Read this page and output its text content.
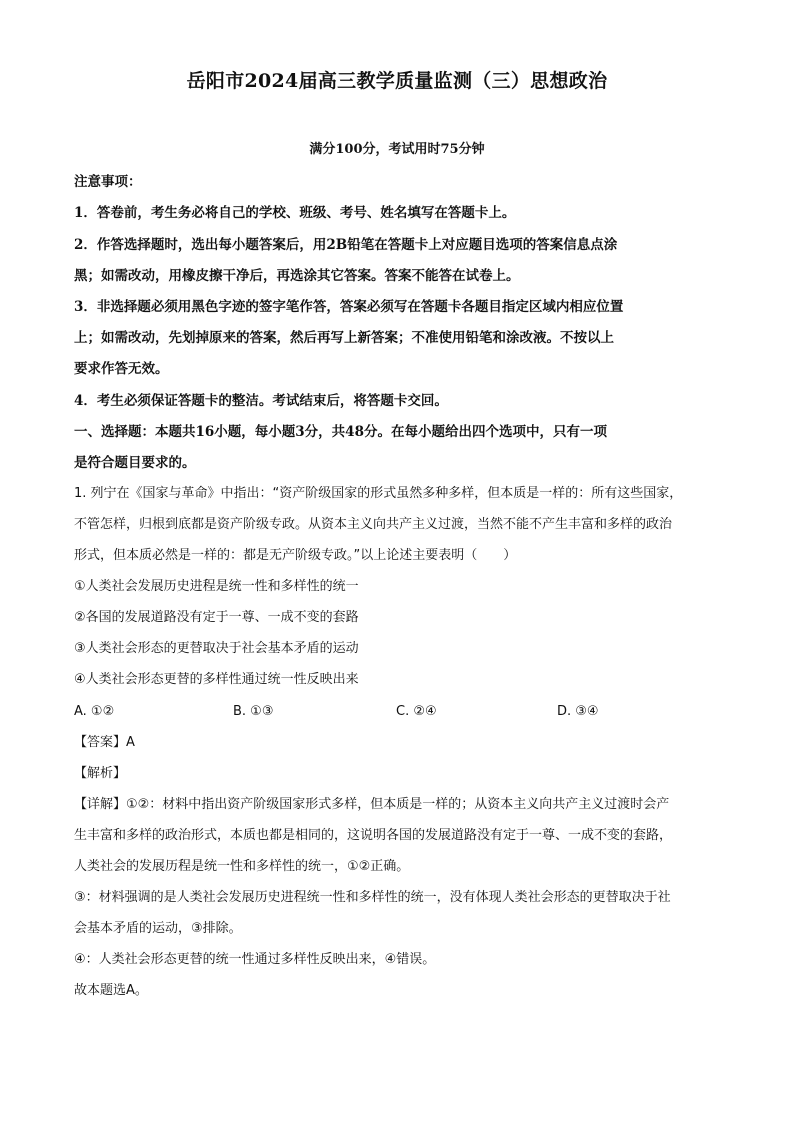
岳阳市2024届高三教学质量监测（三）思想政治
满分100分，考试用时75分钟
注意事项：
1．答卷前，考生务必将自己的学校、班级、考号、姓名填写在答题卡上。
2．作答选择题时，选出每小题答案后，用2B铅笔在答题卡上对应题目选项的答案信息点涂
黑；如需改动，用橡皮擦干净后，再选涂其它答案。答案不能答在试卷上。
3．非选择题必须用黑色字迹的签字笔作答，答案必须写在答题卡各题目指定区域内相应位置
上；如需改动，先划掉原来的答案，然后再写上新答案；不准使用铅笔和涂改液。不按以上
要求作答无效。
4．考生必须保证答题卡的整洁。考试结束后，将答题卡交回。
一、选择题：本题共16小题，每小题3分，共48分。在每小题给出四个选项中，只有一项
是符合题目要求的。
1. 列宁在《国家与革命》中指出：“资产阶级国家的形式虽然多种多样，但本质是一样的：所有这些国家，
不管怎样，归根到底都是资产阶级专政。从资本主义向共产主义过渡，当然不能不产生丰富和多样的政治
形式，但本质必然是一样的：都是无产阶级专政。”以上论述主要表明（　　）
①人类社会发展历史进程是统一性和多样性的统一
②各国的发展道路没有定于一尊、一成不变的套路
③人类社会形态的更替取决于社会基本矛盾的运动
④人类社会形态更替的多样性通过统一性反映出来
A. ①②	B. ①③	C. ②④	D. ③④
【答案】A
【解析】
【详解】①②：材料中指出资产阶级国家形式多样，但本质是一样的；从资本主义向共产主义过渡时会产
生丰富和多样的政治形式，本质也都是相同的，这说明各国的发展道路没有定于一尊、一成不变的套路，
人类社会的发展历程是统一性和多样性的统一，①②正确。
③：材料强调的是人类社会发展历史进程统一性和多样性的统一，没有体现人类社会形态的更替取决于社
会基本矛盾的运动，③排除。
④：人类社会形态更替的统一性通过多样性反映出来，④错误。
故本题选A。
